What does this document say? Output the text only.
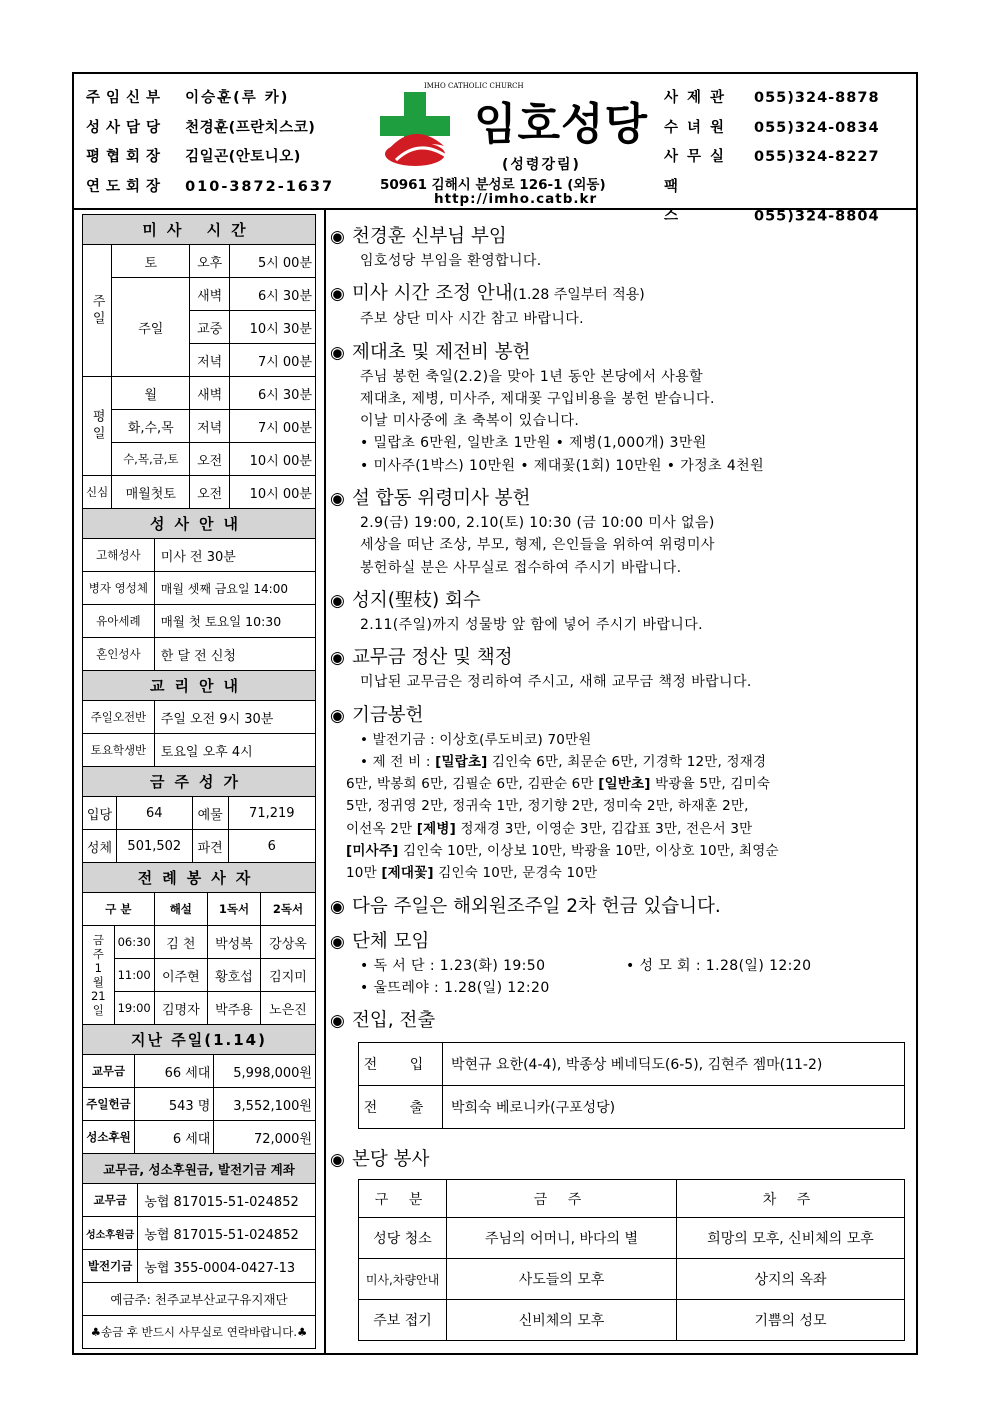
주임신부 이승훈(루 카)
성사담당 천경훈(프란치스코)
평협회장 김일곤(안토니오)
연도회장 010-3872-1637
IMHO CATHOLIC CHURCH
임호성당
(성령강림)
50961 김해시 분성로 126-1 (외동)
http://imho.catb.kr
사제관 055)324-8878
수녀원 055)324-0834
사무실 055)324-8227
팩 스	055)324-8804
미사 시간			
주일	토	오후	5시 00분
	주일	새벽	6시 30분
		교중	10시 30분
		저녁	7시 00분
평일	월	새벽	6시 30분
	화,수,목	저녁	7시 00분
	수,목,금,토	오전	10시 00분
신심	매월첫토	오전	10시 00분
성사안내	
고해성사	미사 전 30분
병자 영성체	매월 셋째 금요일 14:00
유아세례	매월 첫 토요일 10:30
혼인성사	한 달 전 신청
교리안내	
주일오전반	주일 오전 9시 30분
토요학생반	토요일 오후 4시
금주성가			
입당	64	예물	71,219
성체	501,502	파견	6
전례봉사자				
구 분		해설	1독서	2독서
금주 1 월 21 일	06:30	김 천	박성복	강상옥
	11:00	이주현	황호섭	김지미
	19:00	김명자	박주용	노은진
지난 주일(1.14)		
교무금	66 세대	5,998,000원
주일헌금	543 명	3,552,100원
성소후원	6 세대	72,000원
교무금, 성소후원금, 발전기금 계좌	
교무금	농협 817015-51-024852
성소후원금	농협 817015-51-024852
발전기금	농협 355-0004-0427-13
예금주: 천주교부산교구유지재단	
♣송금 후 반드시 사무실로 연락바랍니다.♣	
◉ 천경훈 신부님 부임
임호성당 부임을 환영합니다.
◉ 미사 시간 조정 안내(1.28 주일부터 적용)
주보 상단 미사 시간 참고 바랍니다.
◉ 제대초 및 제전비 봉헌
주님 봉헌 축일(2.2)을 맞아 1년 동안 본당에서 사용할
제대초, 제병, 미사주, 제대꽃 구입비용을 봉헌 받습니다.
이날 미사중에 초 축복이 있습니다.
• 밀랍초 6만원, 일반초 1만원 • 제병(1,000개) 3만원
• 미사주(1박스) 10만원 • 제대꽃(1회) 10만원 • 가정초 4천원
◉ 설 합동 위령미사 봉헌
2.9(금) 19:00, 2.10(토) 10:30 (금 10:00 미사 없음)
세상을 떠난 조상, 부모, 형제, 은인들을 위하여 위령미사
봉헌하실 분은 사무실로 접수하여 주시기 바랍니다.
◉ 성지(聖枝) 회수
2.11(주일)까지 성물방 앞 함에 넣어 주시기 바랍니다.
◉ 교무금 정산 및 책정
미납된 교무금은 정리하여 주시고, 새해 교무금 책정 바랍니다.
◉ 기금봉헌
• 발전기금 : 이상호(루도비코) 70만원
• 제 전 비 : [밀랍초] 김인숙 6만, 최문순 6만, 기경학 12만, 정재경
6만, 박봉희 6만, 김필순 6만, 김판순 6만 [일반초] 박광율 5만, 김미숙
5만, 정귀영 2만, 정귀숙 1만, 정기향 2만, 정미숙 2만, 하재훈 2만,
이선옥 2만 [제병] 정재경 3만, 이영순 3만, 김갑표 3만, 전은서 3만
[미사주] 김인숙 10만, 이상보 10만, 박광율 10만, 이상호 10만, 최영순
10만 [제대꽃] 김인숙 10만, 문경숙 10만
◉ 다음 주일은 해외원조주일 2차 헌금 있습니다.
◉ 단체 모임
• 독 서 단 : 1.23(화) 19:50	• 성 모 회 : 1.28(일) 12:20
• 울뜨레야 : 1.28(일) 12:20
◉ 전입, 전출
전 입	박현규 요한(4-4), 박종상 베네딕도(6-5), 김현주 젬마(11-2)
전 출	박희숙 베로니카(구포성당)
◉ 본당 봉사
구 분	금 주	차 주
성당 청소	주님의 어머니, 바다의 별	희망의 모후, 신비체의 모후
미사,차량안내	사도들의 모후	상지의 옥좌
주보 접기	신비체의 모후	기쁨의 성모
